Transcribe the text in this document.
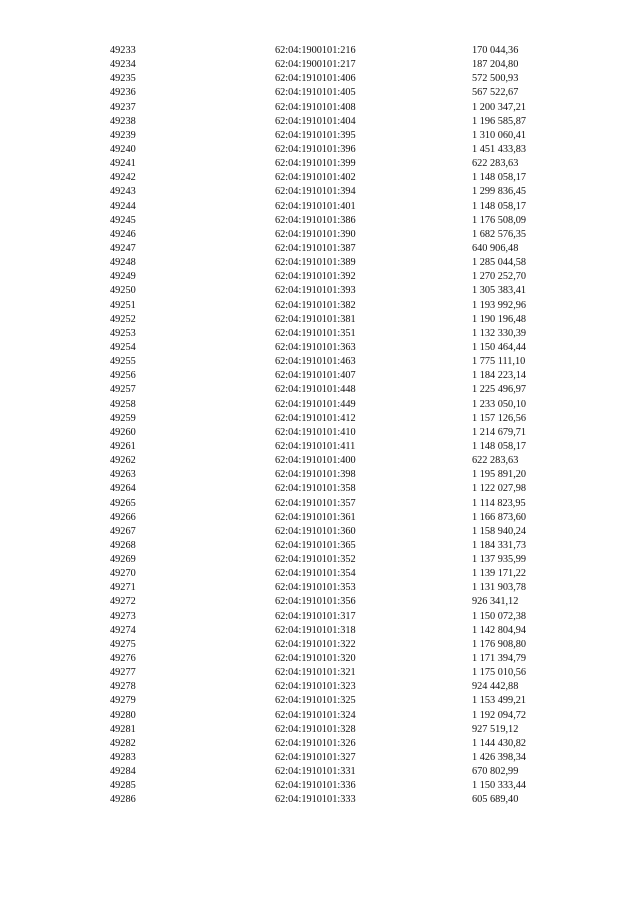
49233	62:04:1900101:216	170 044,36
49234	62:04:1900101:217	187 204,80
49235	62:04:1910101:406	572 500,93
49236	62:04:1910101:405	567 522,67
49237	62:04:1910101:408	1 200 347,21
49238	62:04:1910101:404	1 196 585,87
49239	62:04:1910101:395	1 310 060,41
49240	62:04:1910101:396	1 451 433,83
49241	62:04:1910101:399	622 283,63
49242	62:04:1910101:402	1 148 058,17
49243	62:04:1910101:394	1 299 836,45
49244	62:04:1910101:401	1 148 058,17
49245	62:04:1910101:386	1 176 508,09
49246	62:04:1910101:390	1 682 576,35
49247	62:04:1910101:387	640 906,48
49248	62:04:1910101:389	1 285 044,58
49249	62:04:1910101:392	1 270 252,70
49250	62:04:1910101:393	1 305 383,41
49251	62:04:1910101:382	1 193 992,96
49252	62:04:1910101:381	1 190 196,48
49253	62:04:1910101:351	1 132 330,39
49254	62:04:1910101:363	1 150 464,44
49255	62:04:1910101:463	1 775 111,10
49256	62:04:1910101:407	1 184 223,14
49257	62:04:1910101:448	1 225 496,97
49258	62:04:1910101:449	1 233 050,10
49259	62:04:1910101:412	1 157 126,56
49260	62:04:1910101:410	1 214 679,71
49261	62:04:1910101:411	1 148 058,17
49262	62:04:1910101:400	622 283,63
49263	62:04:1910101:398	1 195 891,20
49264	62:04:1910101:358	1 122 027,98
49265	62:04:1910101:357	1 114 823,95
49266	62:04:1910101:361	1 166 873,60
49267	62:04:1910101:360	1 158 940,24
49268	62:04:1910101:365	1 184 331,73
49269	62:04:1910101:352	1 137 935,99
49270	62:04:1910101:354	1 139 171,22
49271	62:04:1910101:353	1 131 903,78
49272	62:04:1910101:356	926 341,12
49273	62:04:1910101:317	1 150 072,38
49274	62:04:1910101:318	1 142 804,94
49275	62:04:1910101:322	1 176 908,80
49276	62:04:1910101:320	1 171 394,79
49277	62:04:1910101:321	1 175 010,56
49278	62:04:1910101:323	924 442,88
49279	62:04:1910101:325	1 153 499,21
49280	62:04:1910101:324	1 192 094,72
49281	62:04:1910101:328	927 519,12
49282	62:04:1910101:326	1 144 430,82
49283	62:04:1910101:327	1 426 398,34
49284	62:04:1910101:331	670 802,99
49285	62:04:1910101:336	1 150 333,44
49286	62:04:1910101:333	605 689,40
